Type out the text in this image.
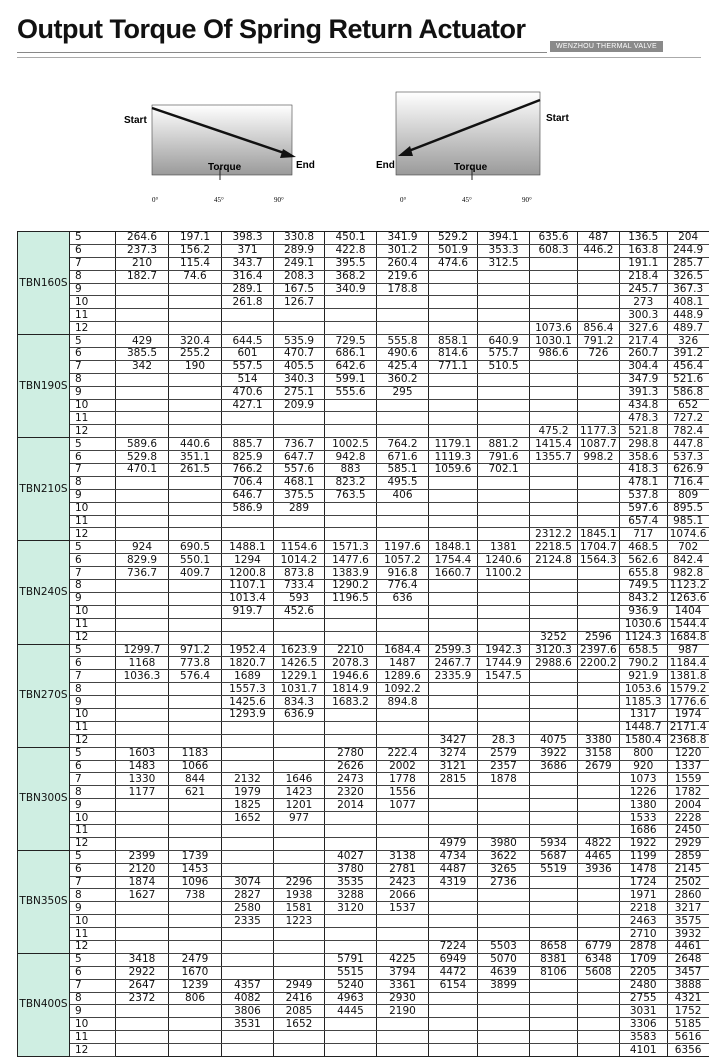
Output Torque Of Spring Return Actuator
WENZHOU THERMAL VALVE
Start
Torque	End
0°	45°	90°
Start
Torque
End
0°	45°	90°
TBN160S	5	264.6	197.1	398.3	330.8	450.1	341.9	529.2	394.1	635.6	487	136.5	204
	6	237.3	156.2	371	289.9	422.8	301.2	501.9	353.3	608.3	446.2	163.8	244.9
	7	210	115.4	343.7	249.1	395.5	260.4	474.6	312.5			191.1	285.7
	8	182.7	74.6	316.4	208.3	368.2	219.6					218.4	326.5
	9			289.1	167.5	340.9	178.8					245.7	367.3
	10			261.8	126.7							273	408.1
	11											300.3	448.9
	12									1073.6	856.4	327.6	489.7
TBN190S	5	429	320.4	644.5	535.9	729.5	555.8	858.1	640.9	1030.1	791.2	217.4	326
	6	385.5	255.2	601	470.7	686.1	490.6	814.6	575.7	986.6	726	260.7	391.2
	7	342	190	557.5	405.5	642.6	425.4	771.1	510.5			304.4	456.4
	8			514	340.3	599.1	360.2					347.9	521.6
	9			470.6	275.1	555.6	295					391.3	586.8
	10			427.1	209.9							434.8	652
	11											478.3	727.2
	12									475.2	1177.3	521.8	782.4
TBN210S	5	589.6	440.6	885.7	736.7	1002.5	764.2	1179.1	881.2	1415.4	1087.7	298.8	447.8
	6	529.8	351.1	825.9	647.7	942.8	671.6	1119.3	791.6	1355.7	998.2	358.6	537.3
	7	470.1	261.5	766.2	557.6	883	585.1	1059.6	702.1			418.3	626.9
	8			706.4	468.1	823.2	495.5					478.1	716.4
	9			646.7	375.5	763.5	406					537.8	809
	10			586.9	289							597.6	895.5
	11											657.4	985.1
	12									2312.2	1845.1	717	1074.6
TBN240S	5	924	690.5	1488.1	1154.6	1571.3	1197.6	1848.1	1381	2218.5	1704.7	468.5	702
	6	829.9	550.1	1294	1014.2	1477.6	1057.2	1754.4	1240.6	2124.8	1564.3	562.6	842.4
	7	736.7	409.7	1200.8	873.8	1383.9	916.8	1660.7	1100.2			655.8	982.8
	8			1107.1	733.4	1290.2	776.4					749.5	1123.2
	9			1013.4	593	1196.5	636					843.2	1263.6
	10			919.7	452.6							936.9	1404
	11											1030.6	1544.4
	12									3252	2596	1124.3	1684.8
TBN270S	5	1299.7	971.2	1952.4	1623.9	2210	1684.4	2599.3	1942.3	3120.3	2397.6	658.5	987
	6	1168	773.8	1820.7	1426.5	2078.3	1487	2467.7	1744.9	2988.6	2200.2	790.2	1184.4
	7	1036.3	576.4	1689	1229.1	1946.6	1289.6	2335.9	1547.5			921.9	1381.8
	8			1557.3	1031.7	1814.9	1092.2					1053.6	1579.2
	9			1425.6	834.3	1683.2	894.8					1185.3	1776.6
	10			1293.9	636.9							1317	1974
	11											1448.7	2171.4
	12							3427	28.3	4075	3380	1580.4	2368.8
TBN300S	5	1603	1183			2780	222.4	3274	2579	3922	3158	800	1220
	6	1483	1066			2626	2002	3121	2357	3686	2679	920	1337
	7	1330	844	2132	1646	2473	1778	2815	1878			1073	1559
	8	1177	621	1979	1423	2320	1556					1226	1782
	9			1825	1201	2014	1077					1380	2004
	10			1652	977							1533	2228
	11											1686	2450
	12							4979	3980	5934	4822	1922	2929
TBN350S	5	2399	1739			4027	3138	4734	3622	5687	4465	1199	2859
	6	2120	1453			3780	2781	4487	3265	5519	3936	1478	2145
	7	1874	1096	3074	2296	3535	2423	4319	2736			1724	2502
	8	1627	738	2827	1938	3288	2066					1971	2860
	9			2580	1581	3120	1537					2218	3217
	10			2335	1223							2463	3575
	11											2710	3932
	12							7224	5503	8658	6779	2878	4461
TBN400S	5	3418	2479			5791	4225	6949	5070	8381	6348	1709	2648
	6	2922	1670			5515	3794	4472	4639	8106	5608	2205	3457
	7	2647	1239	4357	2949	5240	3361	6154	3899			2480	3888
	8	2372	806	4082	2416	4963	2930					2755	4321
	9			3806	2085	4445	2190					3031	1752
	10			3531	1652							3306	5185
	11											3583	5616
	12											4101	6356
